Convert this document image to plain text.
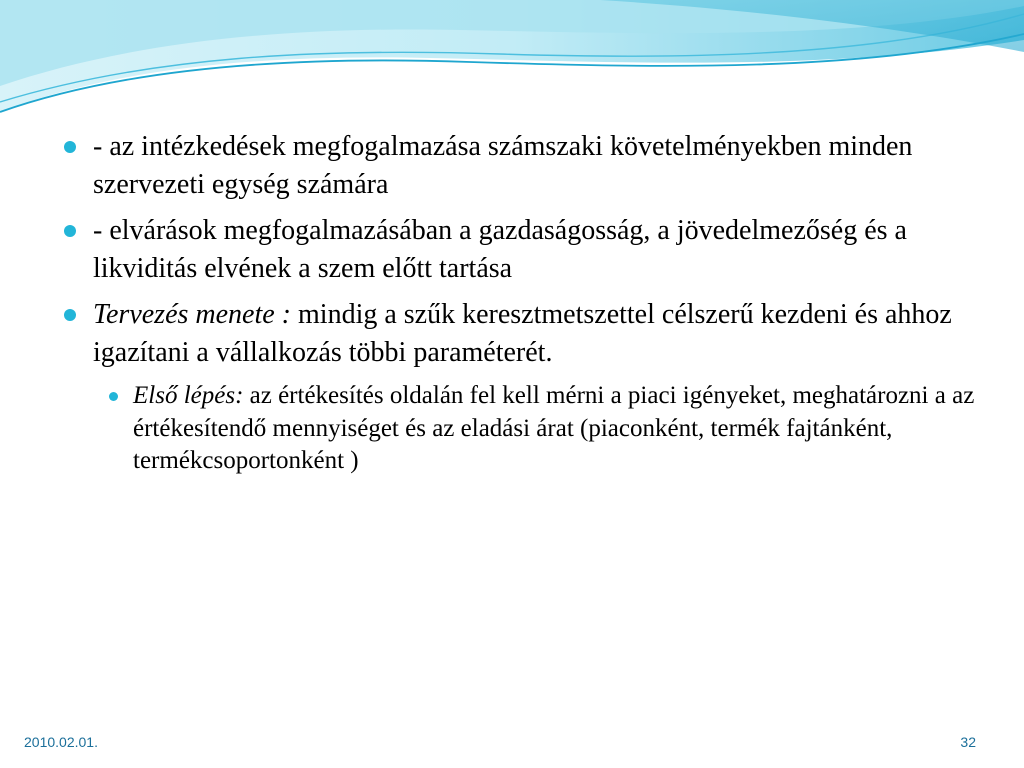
- az intézkedések megfogalmazása számszaki követelményekben minden szervezeti egység számára
- elvárások megfogalmazásában a gazdaságosság, a jövedelmezőség és a likviditás elvének a szem előtt tartása
Tervezés menete : mindig a szűk keresztmetszettel célszerű kezdeni és ahhoz igazítani a vállalkozás többi paraméterét.
Első lépés: az értékesítés oldalán fel kell mérni a piaci igényeket, meghatározni a az értékesítendő mennyiséget és az eladási árat (piaconként, termék fajtánként, termékcsoportonként )
2010.02.01.	32
